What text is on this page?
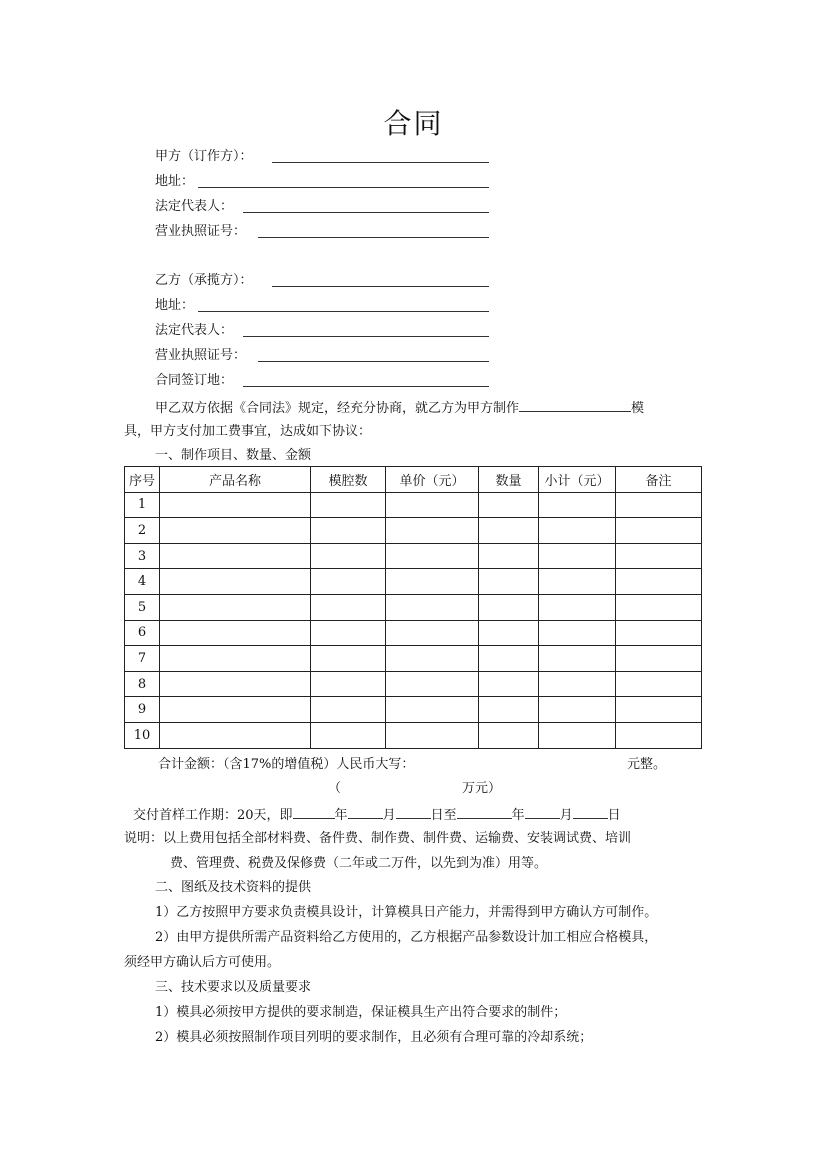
合同
甲方（订作方）：
地址：
法定代表人：
营业执照证号：
乙方（承揽方）：
地址：
法定代表人：
营业执照证号：
合同签订地：
甲乙双方依据《合同法》规定，经充分协商，就乙方为甲方制作	模
具，甲方支付加工费事宜，达成如下协议：
一、制作项目、数量、金额
序号	产品名称	模腔数	单价（元）	数量	小计（元）	备注
1						
2						
3						
4						
5						
6						
7						
8						
9						
10						
合计金额：（含17%的增值税）人民币大写：	元整。
（	万元）
交付首样工作期：20天，即	年	月	日至	年	月	日
说明：以上费用包括全部材料费、备件费、制作费、制件费、运输费、安装调试费、培训
费、管理费、税费及保修费（二年或二万件，以先到为准）用等。
二、图纸及技术资料的提供
1）乙方按照甲方要求负责模具设计，计算模具日产能力，并需得到甲方确认方可制作。
2）由甲方提供所需产品资料给乙方使用的，乙方根据产品参数设计加工相应合格模具，
须经甲方确认后方可使用。
三、技术要求以及质量要求
1）模具必须按甲方提供的要求制造，保证模具生产出符合要求的制件；
2）模具必须按照制作项目列明的要求制作，且必须有合理可靠的冷却系统；
